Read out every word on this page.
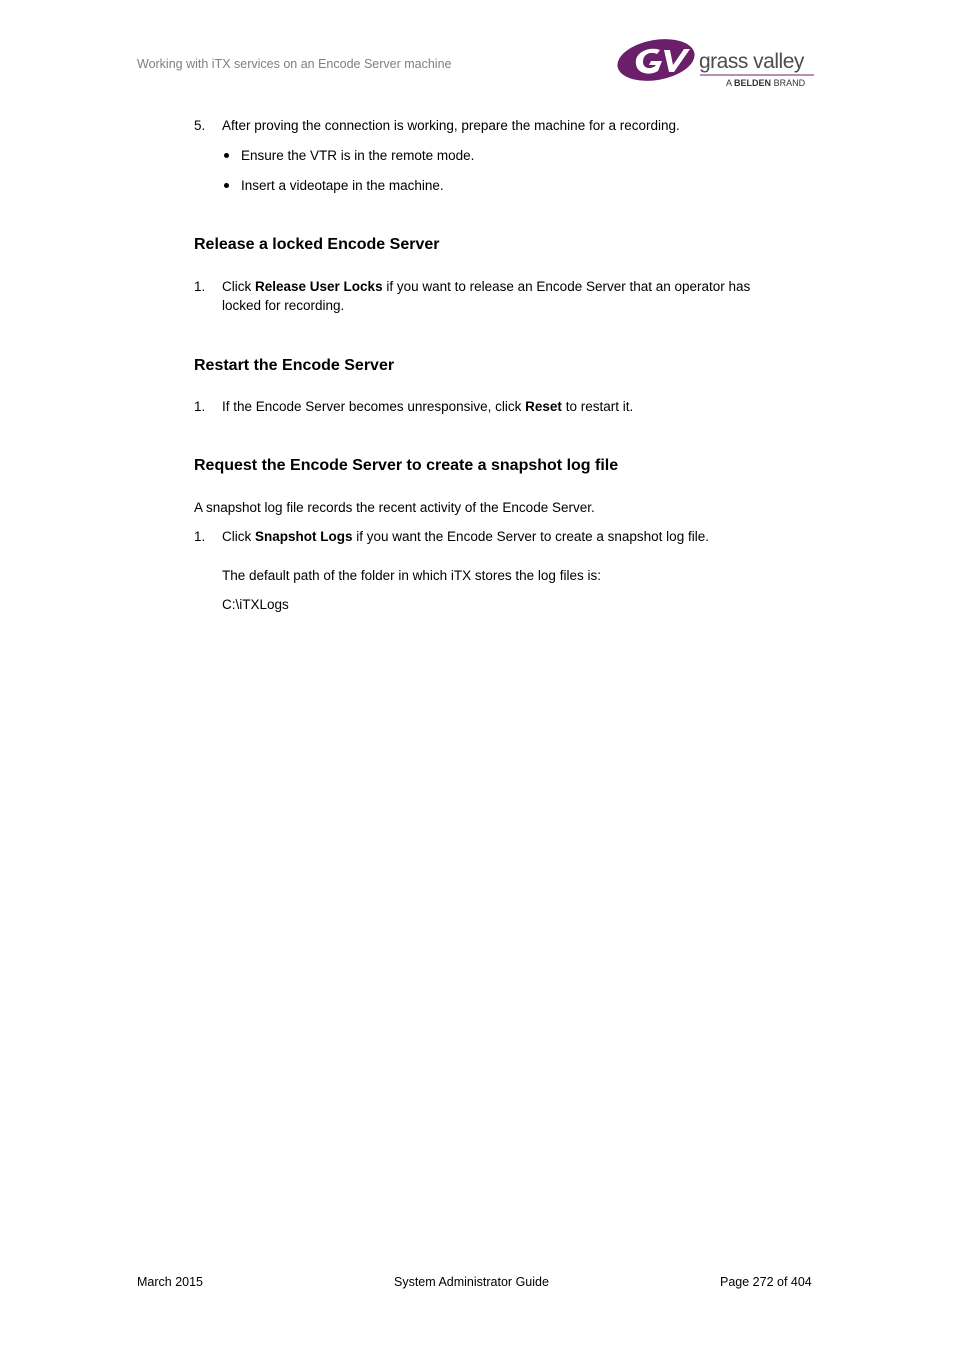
Working with iTX services on an Encode Server machine	grass valley
A BELDEN BRAND
5.	After proving the connection is working, prepare the machine for a recording.
Ensure the VTR is in the remote mode.
Insert a videotape in the machine.
Release a locked Encode Server
1.	Click Release User Locks if you want to release an Encode Server that an operator has
locked for recording.
Restart the Encode Server
1.	If the Encode Server becomes unresponsive, click Reset to restart it.
Request the Encode Server to create a snapshot log file
A snapshot log file records the recent activity of the Encode Server.
1.	Click Snapshot Logs if you want the Encode Server to create a snapshot log file.
The default path of the folder in which iTX stores the log files is:
C:\iTXLogs
March 2015	System Administrator Guide	Page 272 of 404
